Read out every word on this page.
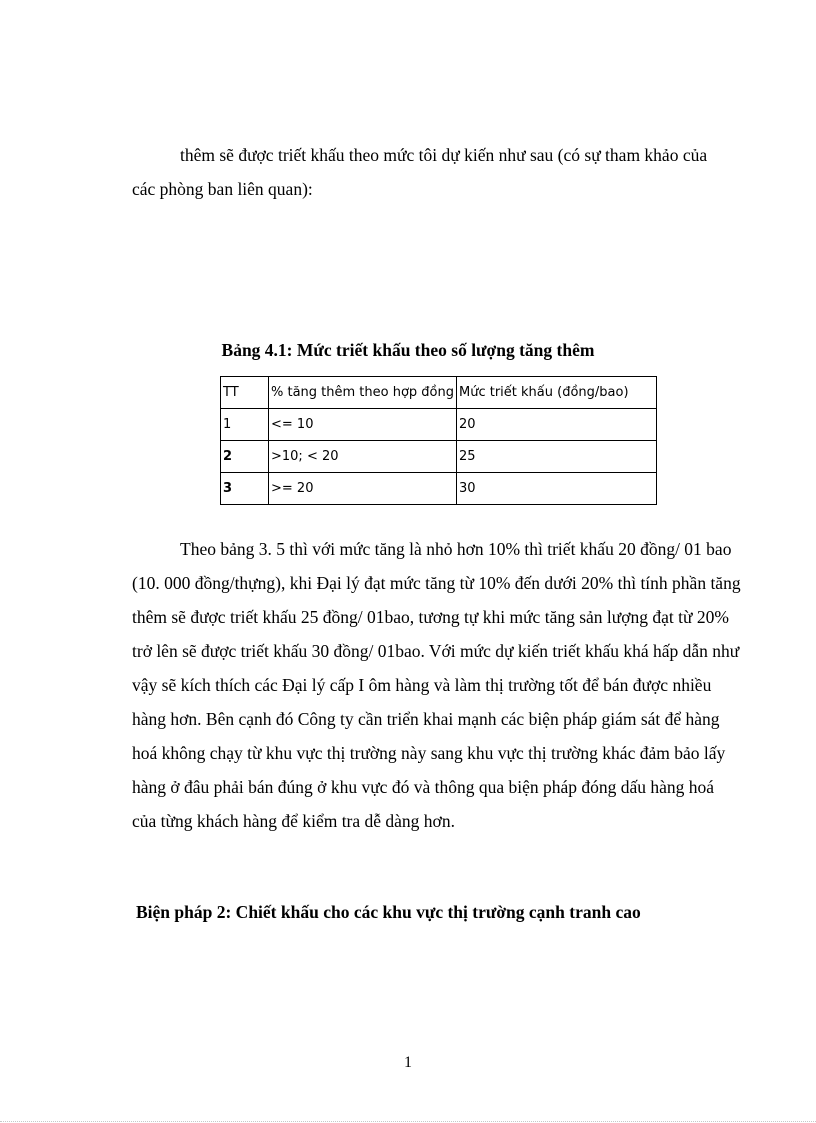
thêm sẽ được triết khấu theo mức tôi dự kiến như sau (có sự tham khảo của các phòng ban liên quan):

Bảng 4.1: Mức triết khấu theo số lượng tăng thêm

TT	% tăng thêm theo hợp đồng	Mức triết khấu (đồng/bao)
1	<= 10	20
2	>10; < 20	25
3	>= 20	30

Theo bảng 3. 5 thì với mức tăng là nhỏ hơn 10% thì triết khấu 20 đồng/ 01 bao (10. 000 đồng/thựng), khi Đại lý đạt mức tăng từ 10% đến dưới 20% thì tính phần tăng thêm sẽ được triết khấu 25 đồng/ 01bao, tương tự khi mức tăng sản lượng đạt từ 20% trở lên sẽ được triết khấu 30 đồng/ 01bao. Với mức dự kiến triết khấu khá hấp dẫn như vậy sẽ kích thích các Đại lý cấp I ôm hàng và làm thị trường tốt để bán được nhiều hàng hơn. Bên cạnh đó Công ty cần triển khai mạnh các biện pháp giám sát để hàng hoá không chạy từ khu vực thị trường này sang khu vực thị trường khác đảm bảo lấy hàng ở đâu phải bán đúng ở khu vực đó và thông qua biện pháp đóng dấu hàng hoá của từng khách hàng để kiểm tra dễ dàng hơn.

Biện pháp 2: Chiết khấu cho các khu vực thị trường cạnh tranh cao

1
